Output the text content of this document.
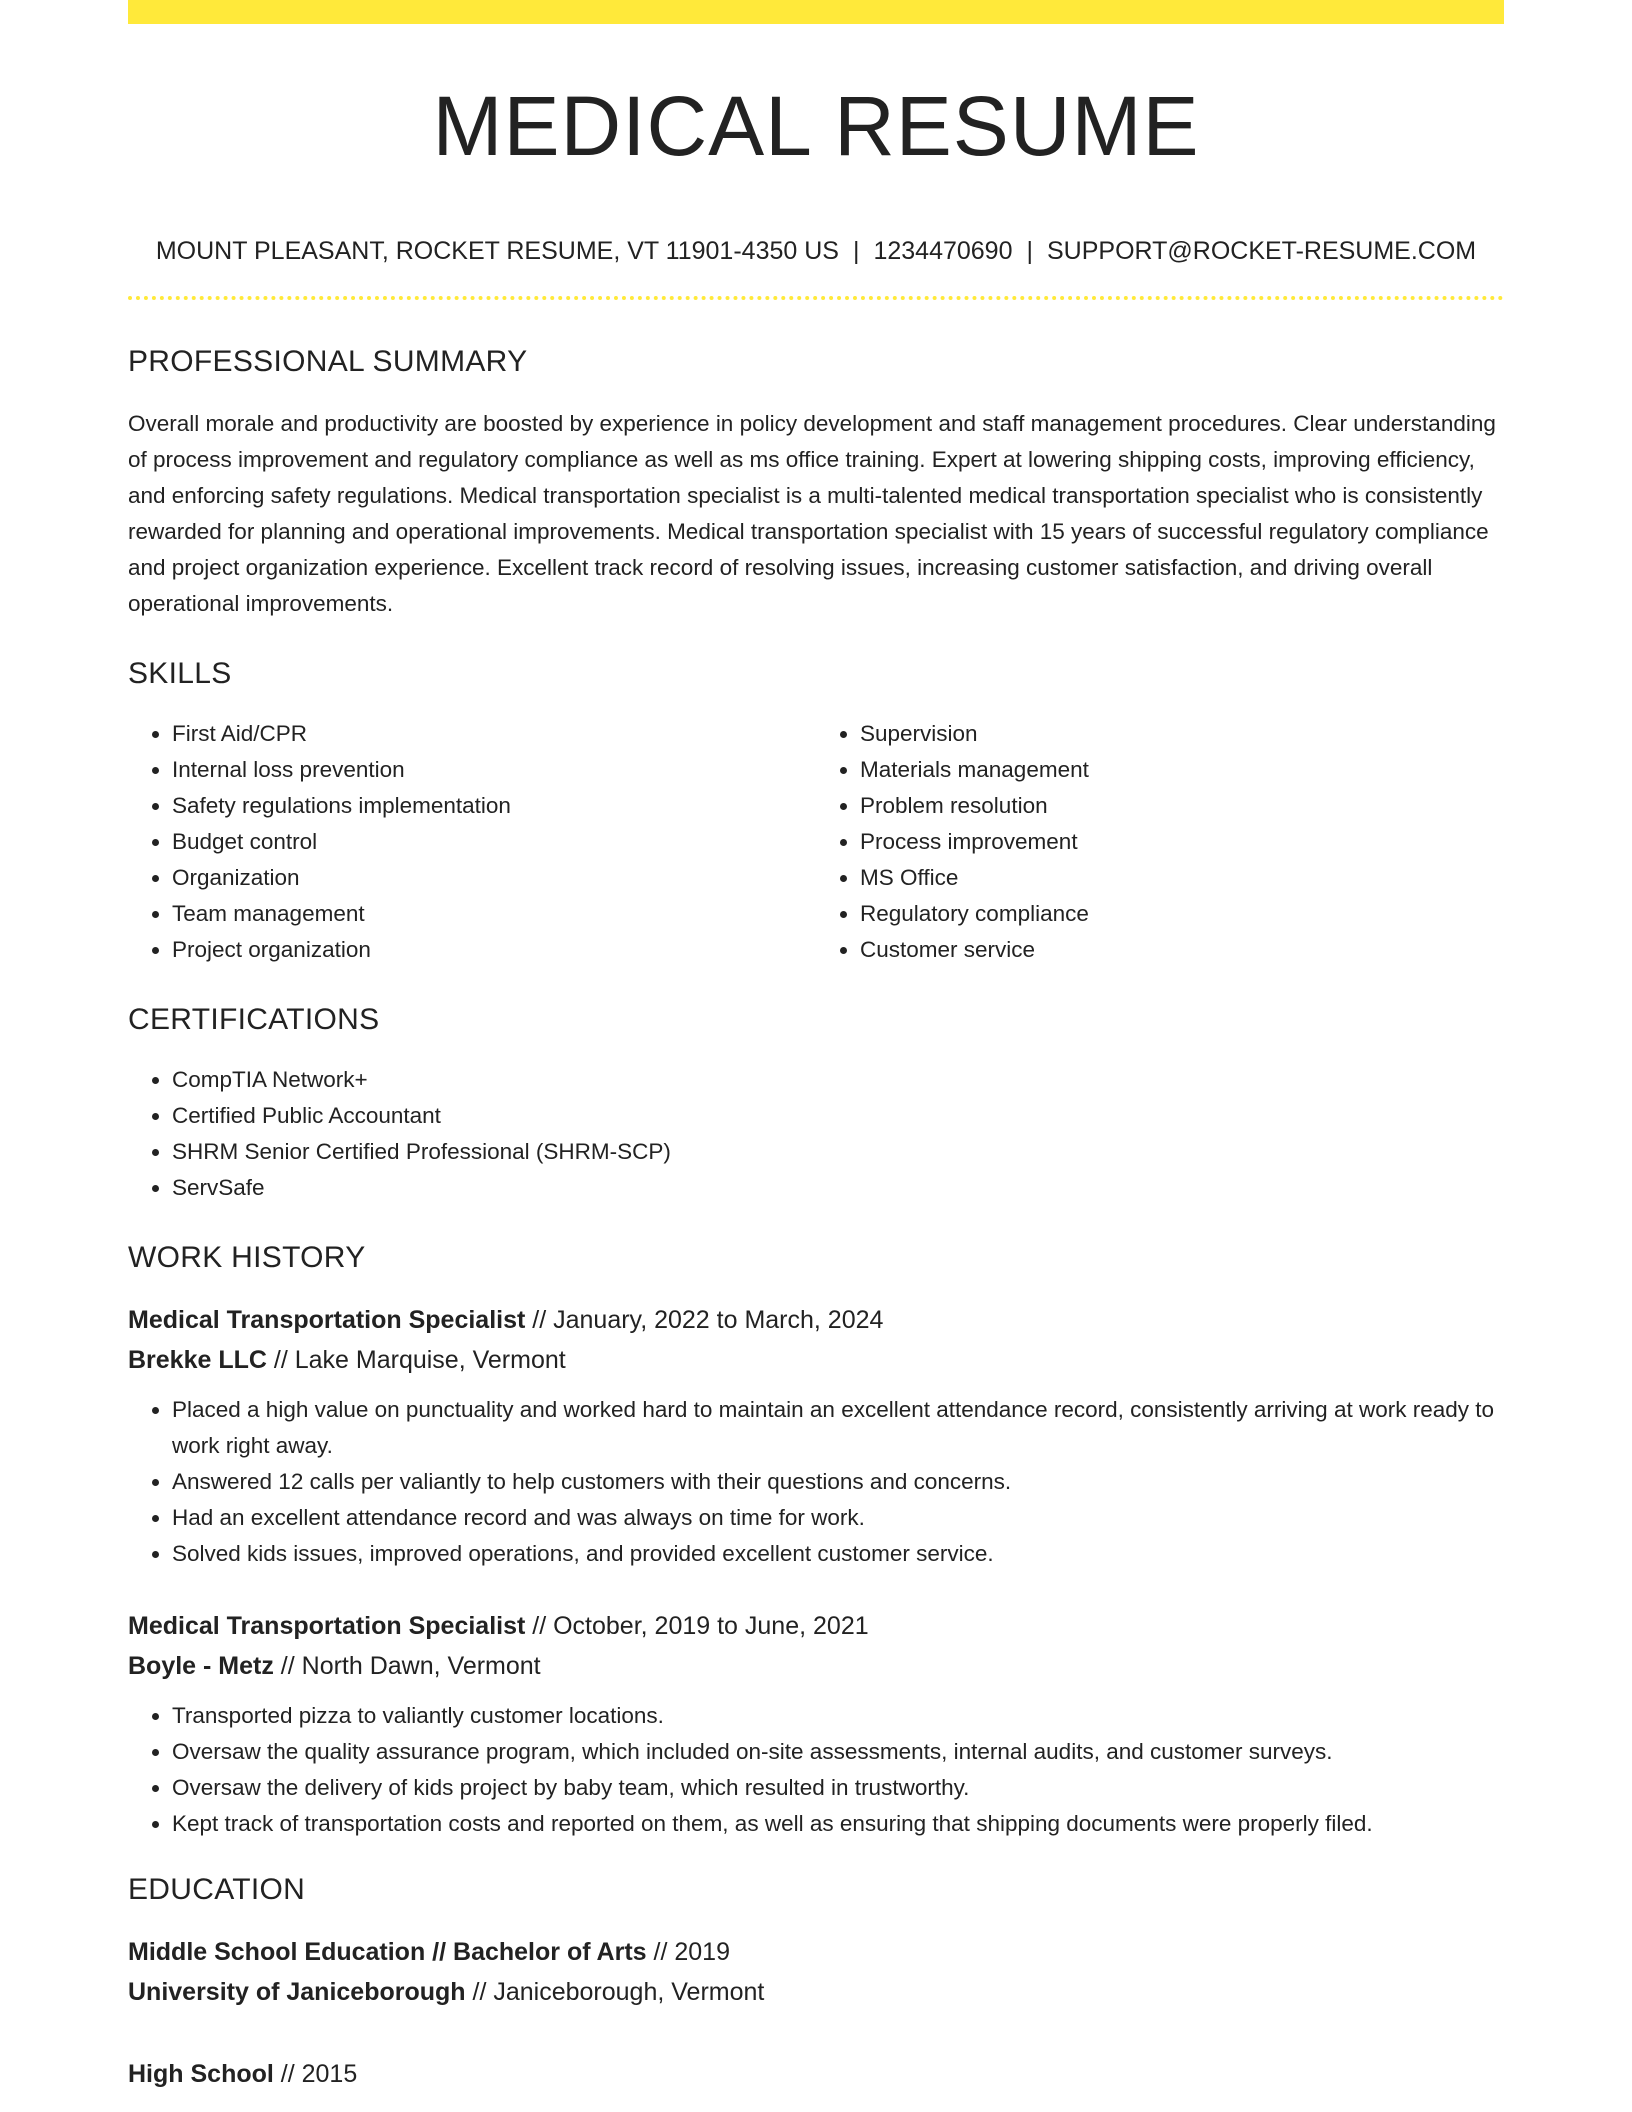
MEDICAL RESUME
MOUNT PLEASANT, ROCKET RESUME, VT 11901-4350 US | 1234470690 | SUPPORT@ROCKET-RESUME.COM
PROFESSIONAL SUMMARY

Overall morale and productivity are boosted by experience in policy development and staff management procedures. Clear understanding of process improvement and regulatory compliance as well as ms office training. Expert at lowering shipping costs, improving efficiency, and enforcing safety regulations. Medical transportation specialist is a multi-talented medical transportation specialist who is consistently rewarded for planning and operational improvements. Medical transportation specialist with 15 years of successful regulatory compliance and project organization experience. Excellent track record of resolving issues, increasing customer satisfaction, and driving overall operational improvements.

SKILLS
• First Aid/CPR
• Internal loss prevention
• Safety regulations implementation
• Budget control
• Organization
• Team management
• Project organization
• Supervision
• Materials management
• Problem resolution
• Process improvement
• MS Office
• Regulatory compliance
• Customer service
CERTIFICATIONS
• CompTIA Network+
• Certified Public Accountant
• SHRM Senior Certified Professional (SHRM-SCP)
• ServSafe
WORK HISTORY
Medical Transportation Specialist // January, 2022 to March, 2024
Brekke LLC // Lake Marquise, Vermont
• Placed a high value on punctuality and worked hard to maintain an excellent attendance record, consistently arriving at work ready to work right away.
• Answered 12 calls per valiantly to help customers with their questions and concerns.
• Had an excellent attendance record and was always on time for work.
• Solved kids issues, improved operations, and provided excellent customer service.
Medical Transportation Specialist // October, 2019 to June, 2021
Boyle - Metz // North Dawn, Vermont
• Transported pizza to valiantly customer locations.
• Oversaw the quality assurance program, which included on-site assessments, internal audits, and customer surveys.
• Oversaw the delivery of kids project by baby team, which resulted in trustworthy.
• Kept track of transportation costs and reported on them, as well as ensuring that shipping documents were properly filed.
EDUCATION
Middle School Education // Bachelor of Arts // 2019
University of Janiceborough // Janiceborough, Vermont
High School // 2015
